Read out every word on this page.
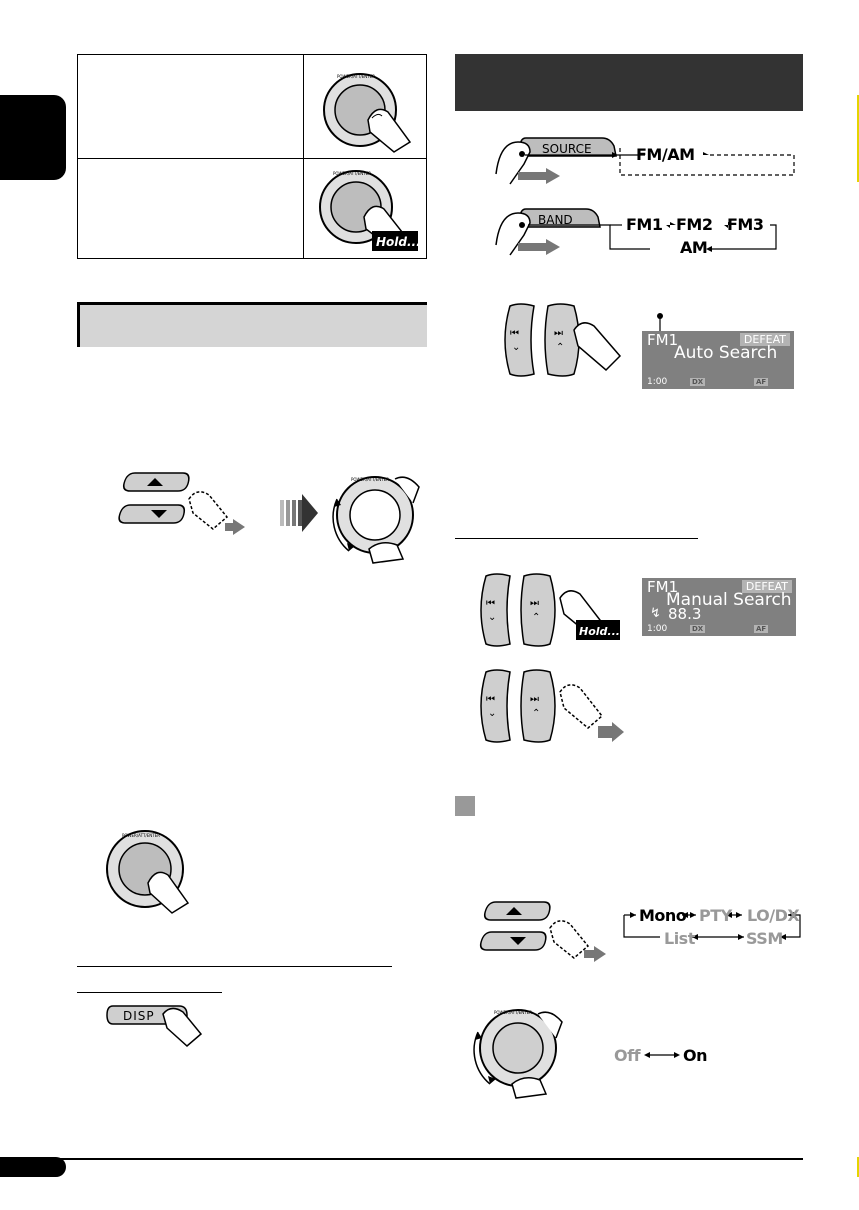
POWER/ATT/ENTER
POWER/ATT/ENTER
Hold....
SOURCE	FM/AM
BAND	FM1 FM2 FM3
AM
⏮
⌄
⏭
⌃	FM1	DEFEAT
Auto Search
1:00	DX	AF
⏮
⌄
⏭
⌃
Hold....
FM1	DEFEAT
Manual Search
↯ 88.3
1:00	DX	AF
⏮
⌄
⏭
⌃
Mono PTY LO/DX
List	SSM
POWER/ATT/ENTER
Off	On
POWER/ATT/ENTER
POWER/ATT/ENTER
DISP
